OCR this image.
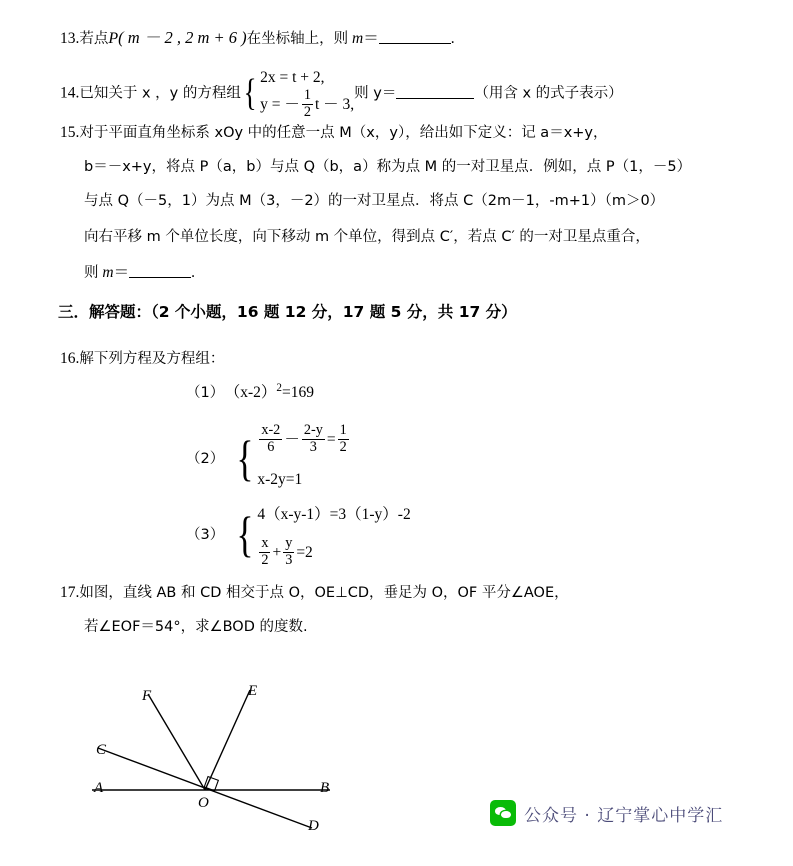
13.若点P( m － 2 , 2 m + 6 )在坐标轴上，则 m＝	.
14.已知关于 x ，y 的方程组{ 2x = t + 2,
y = － $\frac{1}{2}$ t － 3,
则 y＝	（用含 x 的式子表示）
15.对于平面直角坐标系 xOy 中的任意一点 M（x，y），给出如下定义：记 a＝x+y，
b＝－x+y，将点 P（a，b）与点 Q（b，a）称为点 M 的一对卫星点．例如，点 P（1，－5）
与点 Q（－5，1）为点 M（3，－2）的一对卫星点．将点 C（2m－1，-m+1）（m＞0）
向右平移 m 个单位长度，向下移动 m 个单位，得到点 C′，若点 C′ 的一对卫星点重合，
则 m＝	.
三．解答题：（2 个小题，16 题 12 分，17 题 5 分，共 17 分）
16.解下列方程及方程组：
（1）　 $(x-2)^2=169$
（2）　 { $\frac{x-2}{6} - \frac{2-y}{3} = \frac{1}{2}$
x-2y=1
（3）　 { 4（x-y-1）=3（1-y）-2
$\frac{x}{2} + \frac{y}{3} =2$
17.如图，直线 AB 和 CD 相交于点 O，OE⊥CD，垂足为 O，OF 平分∠AOE，
若∠EOF＝54°，求∠BOD 的度数.
F	E
C
A	B
O
D
公众号 · 辽宁掌心中学汇
